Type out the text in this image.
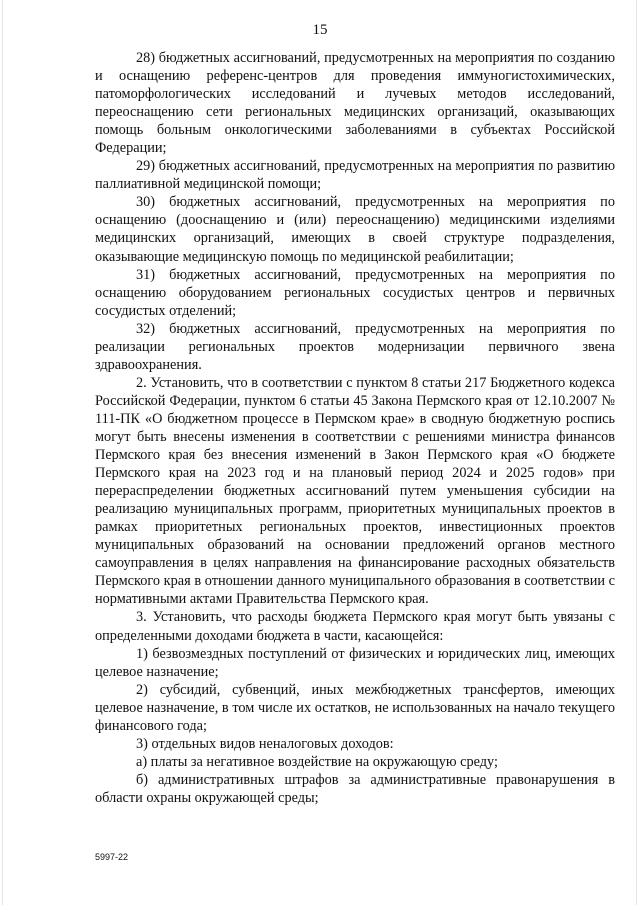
15

28) бюджетных ассигнований, предусмотренных на мероприятия по созданию и оснащению референс-центров для проведения иммуногистохимических, патоморфологических исследований и лучевых методов исследований, переоснащению сети региональных медицинских организаций, оказывающих помощь больным онкологическими заболеваниями в субъектах Российской Федерации;

29) бюджетных ассигнований, предусмотренных на мероприятия по развитию паллиативной медицинской помощи;

30) бюджетных ассигнований, предусмотренных на мероприятия по оснащению (дооснащению и (или) переоснащению) медицинскими изделиями медицинских организаций, имеющих в своей структуре подразделения, оказывающие медицинскую помощь по медицинской реабилитации;

31) бюджетных ассигнований, предусмотренных на мероприятия по оснащению оборудованием региональных сосудистых центров и первичных сосудистых отделений;

32) бюджетных ассигнований, предусмотренных на мероприятия по реализации региональных проектов модернизации первичного звена здравоохранения.

2. Установить, что в соответствии с пунктом 8 статьи 217 Бюджетного кодекса Российской Федерации, пунктом 6 статьи 45 Закона Пермского края от 12.10.2007 № 111-ПК «О бюджетном процессе в Пермском крае» в сводную бюджетную роспись могут быть внесены изменения в соответствии с решениями министра финансов Пермского края без внесения изменений в Закон Пермского края «О бюджете Пермского края на 2023 год и на плановый период 2024 и 2025 годов» при перераспределении бюджетных ассигнований путем уменьшения субсидии на реализацию муниципальных программ, приоритетных муниципальных проектов в рамках приоритетных региональных проектов, инвестиционных проектов муниципальных образований на основании предложений органов местного самоуправления в целях направления на финансирование расходных обязательств Пермского края в отношении данного муниципального образования в соответствии с нормативными актами Правительства Пермского края.

3. Установить, что расходы бюджета Пермского края могут быть увязаны с определенными доходами бюджета в части, касающейся:

1) безвозмездных поступлений от физических и юридических лиц, имеющих целевое назначение;

2) субсидий, субвенций, иных межбюджетных трансфертов, имеющих целевое назначение, в том числе их остатков, не использованных на начало текущего финансового года;

3) отдельных видов неналоговых доходов:

а) платы за негативное воздействие на окружающую среду;

б) административных штрафов за административные правонарушения в области охраны окружающей среды;

5997-22
